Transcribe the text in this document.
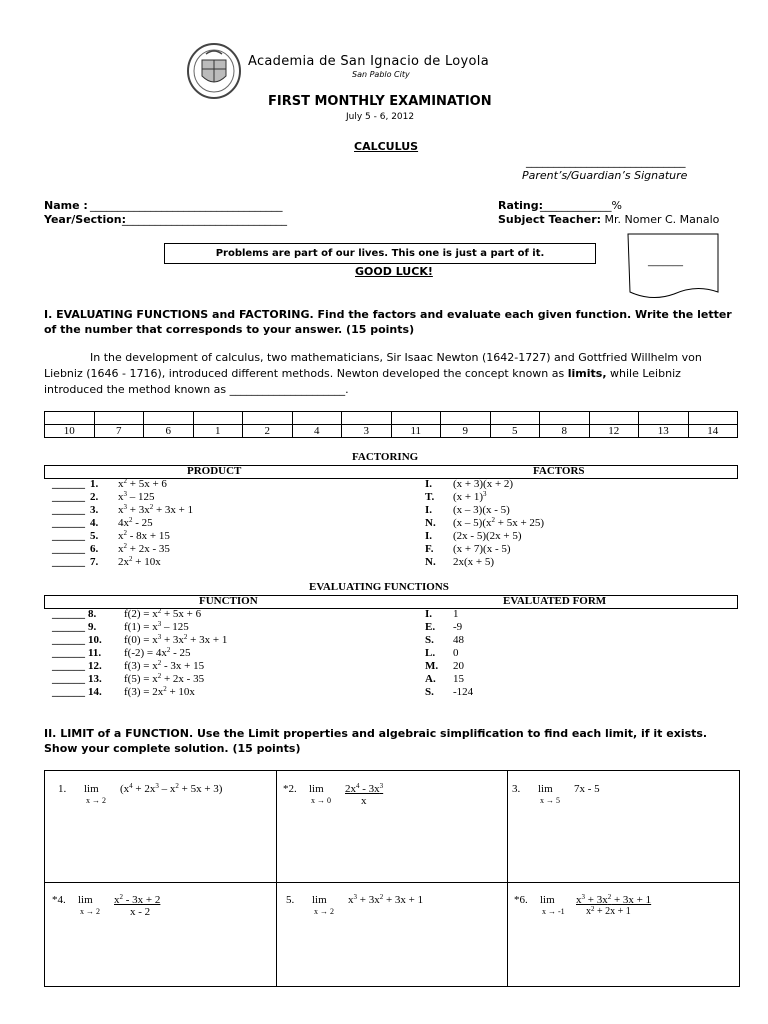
Academia de San Ignacio de Loyola
San Pablo City
FIRST MONTHLY EXAMINATION
July 5 - 6, 2012
CALCULUS
_____________________________
Parent’s/Guardian’s Signature
Name : ___________________________________
Year/Section:
______________________________
Rating:
_____________%
Subject Teacher: Mr. Nomer C. Manalo
Problems are part of our lives. This one is just a part of it.
GOOD LUCK!
_______
I. EVALUATING FUNCTIONS and FACTORING. Find the factors and evaluate each given function. Write the letter of the number that corresponds to your answer. (15 points)
In the development of calculus, two mathematicians, Sir Isaac Newton (1642-1727) and Gottfried Willhelm von Liebniz (1646 - 1716), introduced different methods. Newton developed the concept known as limits, while Leibniz introduced the method known as _____________________.

10	7	6	1	2	4	3	11	9	5	8	12	13	14
FACTORING
PRODUCT	FACTORS
______ 1. $x^2 + 5x + 6$	I. (x + 3)(x + 2)
______ 2. $x^3 - 125$	T. $(x + 1)^3$
______ 3. $x^3 + 3x^2 + 3x + 1$	I. (x – 3)(x - 5)
______ 4. $4x^2 - 25$	N. $(x - 5)(x^2 + 5x + 25)$
______ 5. $x^2 - 8x + 15$	I. (2x - 5)(2x + 5)
______ 6. $x^2 + 2x - 35$	F. (x + 7)(x - 5)
______ 7. $2x^2 + 10x$	N. 2x(x + 5)
EVALUATING FUNCTIONS
FUNCTION	EVALUATED FORM
______ 8.	$f(2) = x^2 + 5x + 6$	I. 1
______ 9.	$f(1) = x^3 - 125$	E. -9
______ 10. $f(0) = x^3 + 3x^2 + 3x + 1$	S. 48
______ 11. $f(-2) = 4x^2 - 25$	L. 0
______ 12. $f(3) = x^2 - 3x + 15$	M. 20
______ 13. $f(5) = x^2 + 2x - 35$	A. 15
______ 14. $f(3) = 2x^2 + 10x$	S. -124
II. LIMIT of a FUNCTION. Use the Limit properties and algebraic simplification to find each limit, if it exists. Show your complete solution. (15 points)
1. lim
x → 2
$(x^4 + 2x^3 - x^2 + 5x + 3)$	*2. lim
x → 0
$2x^4 - 3x^3$
x
3. lim
x → 5
7x - 5
*4. lim
x → 2
$x^2 - 3x + 2$
x - 2
5. lim
x → 2
$x^3 + 3x^2 + 3x + 1$	*6. lim
x → -1
$x^3 + 3x^2 + 3x + 1$
$x^2 + 2x + 1$
